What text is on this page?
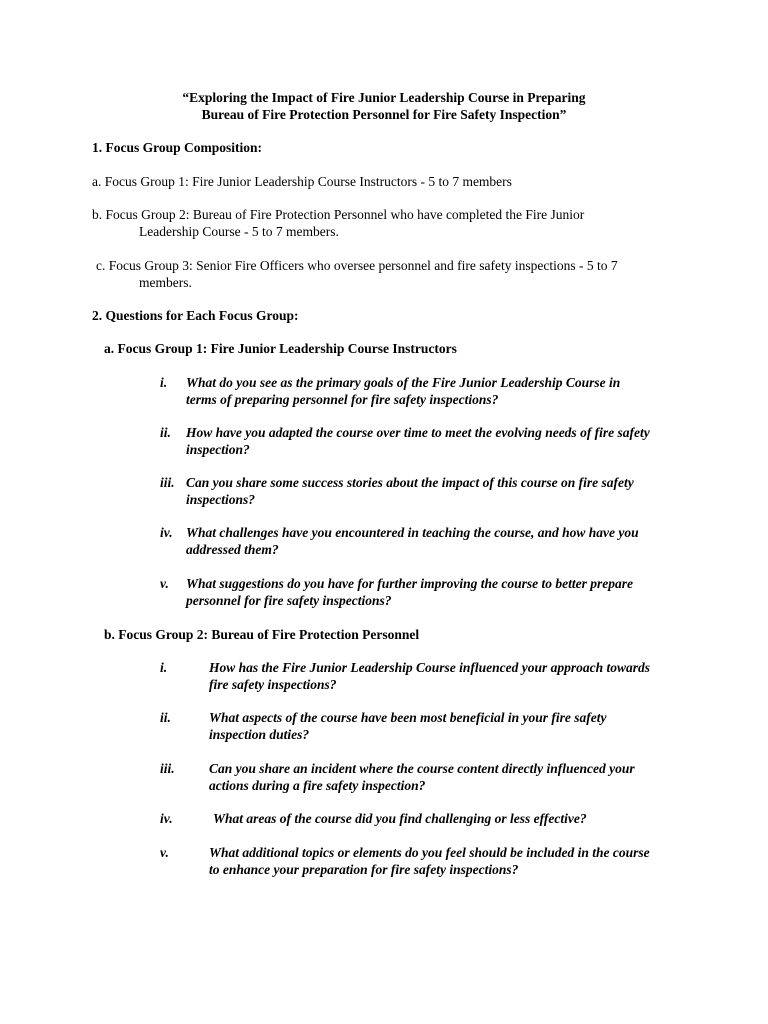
“Exploring the Impact of Fire Junior Leadership Course in Preparing
Bureau of Fire Protection Personnel for Fire Safety Inspection”
1. Focus Group Composition:
a. Focus Group 1: Fire Junior Leadership Course Instructors - 5 to 7 members
b. Focus Group 2: Bureau of Fire Protection Personnel who have completed the Fire Junior
Leadership Course - 5 to 7 members.
c. Focus Group 3: Senior Fire Officers who oversee personnel and fire safety inspections - 5 to 7
members.
2. Questions for Each Focus Group:
a. Focus Group 1: Fire Junior Leadership Course Instructors
i. What do you see as the primary goals of the Fire Junior Leadership Course in
terms of preparing personnel for fire safety inspections?
ii. How have you adapted the course over time to meet the evolving needs of fire safety
inspection?
iii. Can you share some success stories about the impact of this course on fire safety
inspections?
iv. What challenges have you encountered in teaching the course, and how have you
addressed them?
v. What suggestions do you have for further improving the course to better prepare
personnel for fire safety inspections?
b. Focus Group 2: Bureau of Fire Protection Personnel
i.	How has the Fire Junior Leadership Course influenced your approach towards
fire safety inspections?
ii.	What aspects of the course have been most beneficial in your fire safety
inspection duties?
iii.	Can you share an incident where the course content directly influenced your
actions during a fire safety inspection?
iv.	What areas of the course did you find challenging or less effective?
v.	What additional topics or elements do you feel should be included in the course
to enhance your preparation for fire safety inspections?
